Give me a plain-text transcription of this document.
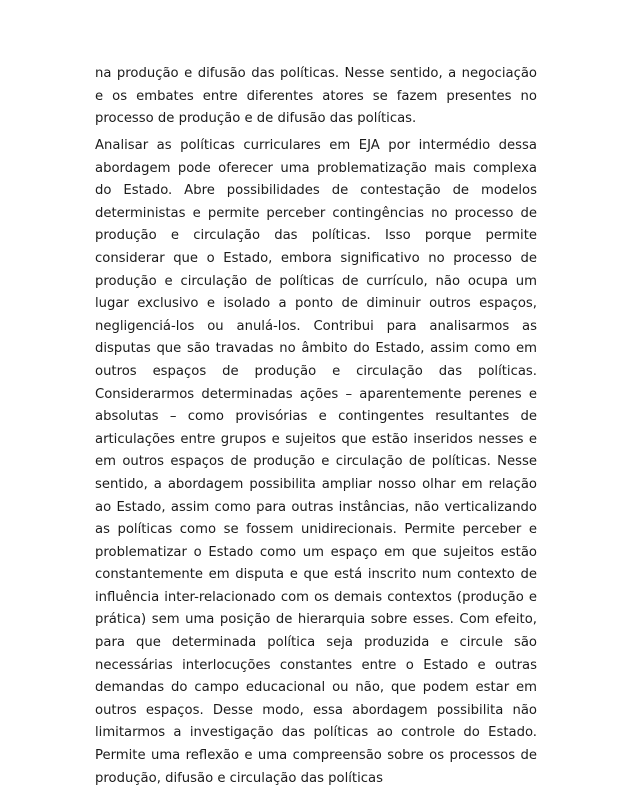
na produção e difusão das políticas. Nesse sentido, a negociação e os embates entre diferentes atores se fazem presentes no processo de produção e de difusão das políticas.

Analisar as políticas curriculares em EJA por intermédio dessa abordagem pode oferecer uma problematização mais complexa do Estado. Abre possibilidades de contestação de modelos deterministas e permite perceber contingências no processo de produção e circulação das políticas. Isso porque permite considerar que o Estado, embora significativo no processo de produção e circulação de políticas de currículo, não ocupa um lugar exclusivo e isolado a ponto de diminuir outros espaços, negligenciá-los ou anulá-los. Contribui para analisarmos as disputas que são travadas no âmbito do Estado, assim como em outros espaços de produção e circulação das políticas. Considerarmos determinadas ações – aparentemente perenes e absolutas – como provisórias e contingentes resultantes de articulações entre grupos e sujeitos que estão inseridos nesses e em outros espaços de produção e circulação de políticas. Nesse sentido, a abordagem possibilita ampliar nosso olhar em relação ao Estado, assim como para outras instâncias, não verticalizando as políticas como se fossem unidirecionais. Permite perceber e problematizar o Estado como um espaço em que sujeitos estão constantemente em disputa e que está inscrito num contexto de influência inter-relacionado com os demais contextos (produção e prática) sem uma posição de hierarquia sobre esses. Com efeito, para que determinada política seja produzida e circule são necessárias interlocuções constantes entre o Estado e outras demandas do campo educacional ou não, que podem estar em outros espaços. Desse modo, essa abordagem possibilita não limitarmos a investigação das políticas ao controle do Estado. Permite uma reflexão e uma compreensão sobre os processos de produção, difusão e circulação das políticas
